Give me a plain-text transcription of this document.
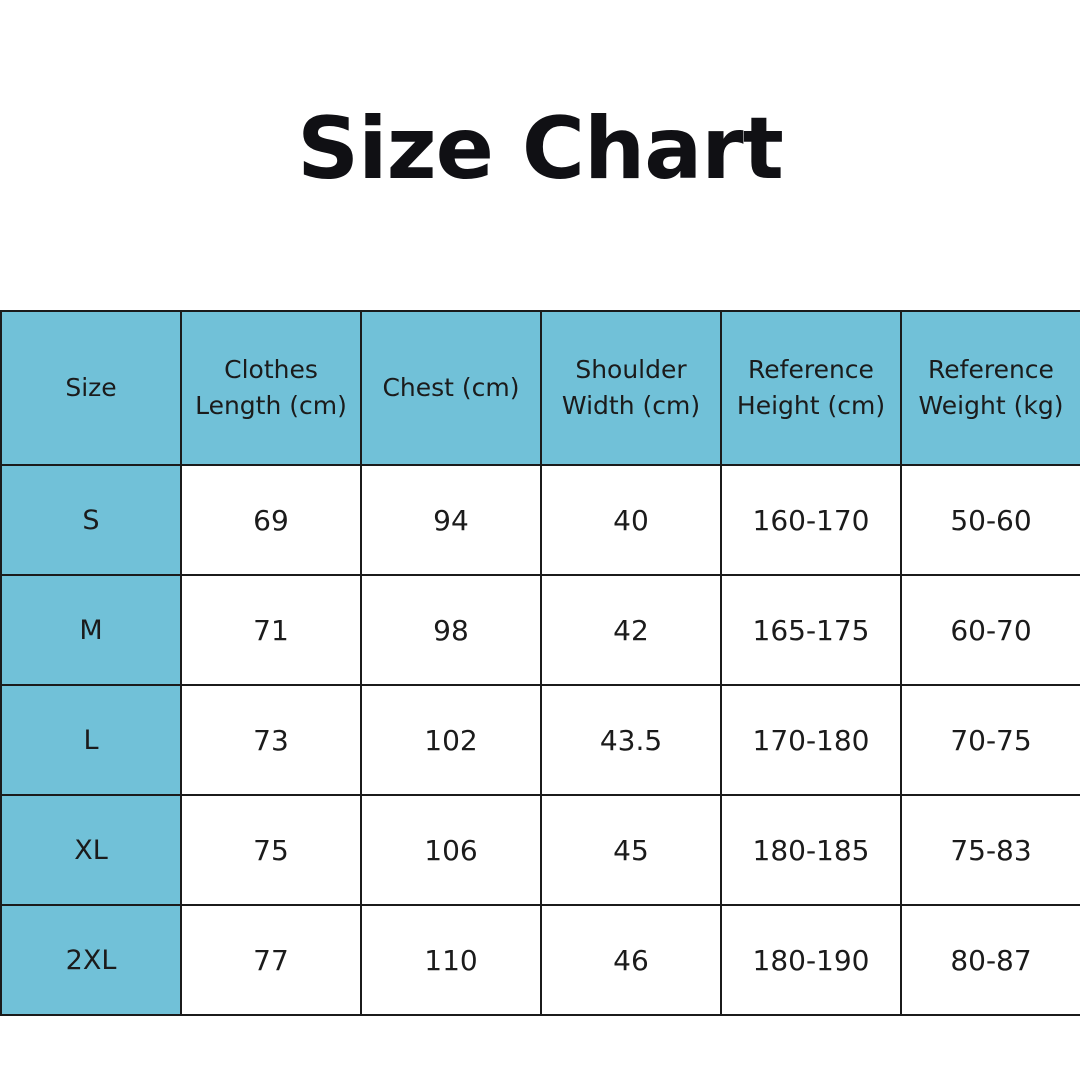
Size Chart
Size	Clothes Length (cm)	Chest (cm)	Shoulder Width (cm)	Reference Height (cm)	Reference Weight (kg)
S	69	94	40	160-170	50-60
M	71	98	42	165-175	60-70
L	73	102	43.5	170-180	70-75
XL	75	106	45	180-185	75-83
2XL	77	110	46	180-190	80-87
